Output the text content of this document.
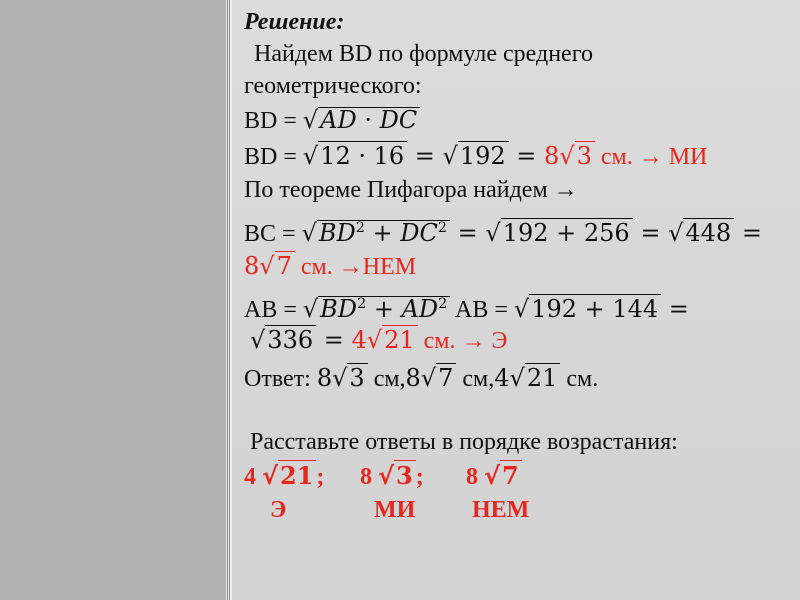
Решение:
Найдем BD по формуле среднего
геометрического:
BD = √AD · DC
BD = √12 · 16 = √192 = 8√3 см. → МИ
По теореме Пифагора найдем →
BC = $√BD^2 + DC^2 = √192 + 256 = √448$ =
8√7 см. →НЕМ
AB = $√BD^2 + AD^2$ AB = √192 + 144 =
√336 = 4√21 см. → Э
Ответ: 8√3 см,8√7 см,4√21 см.
Расставьте ответы в порядке возрастания:
4 √21 ; 8 √3 ; 8 √7
Э	МИ НЕМ
